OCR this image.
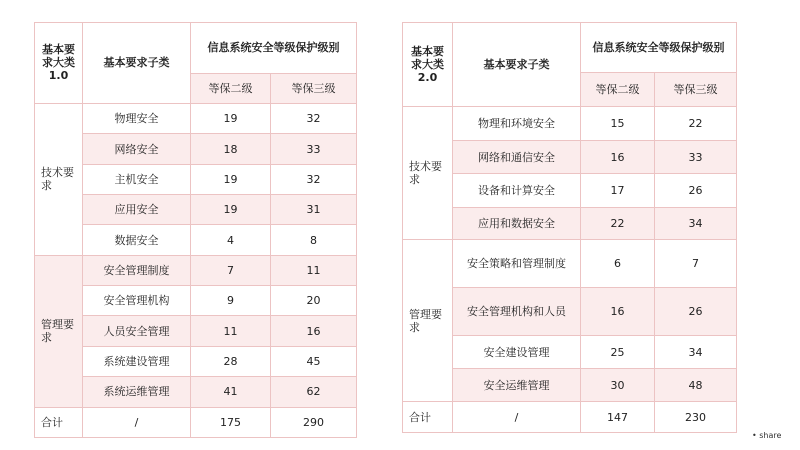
基本要求大类1.0	基本要求子类	信息系统安全等级保护级别	
		等保二级	等保三级
技术要求	物理安全	19	32
	网络安全	18	33
	主机安全	19	32
	应用安全	19	31
	数据安全	4	8
管理要求	安全管理制度	7	11
	安全管理机构	9	20
	人员安全管理	11	16
	系统建设管理	28	45
	系统运维管理	41	62
合计	/	175	290
基本要求大类2.0	基本要求子类	信息系统安全等级保护级别	
		等保二级	等保三级
技术要求	物理和环境安全	15	22
	网络和通信安全	16	33
	设备和计算安全	17	26
	应用和数据安全	22	34
管理要求	安全策略和管理制度	6	7
	安全管理机构和人员	16	26
	安全建设管理	25	34
	安全运维管理	30	48
合计	/	147	230
• share
